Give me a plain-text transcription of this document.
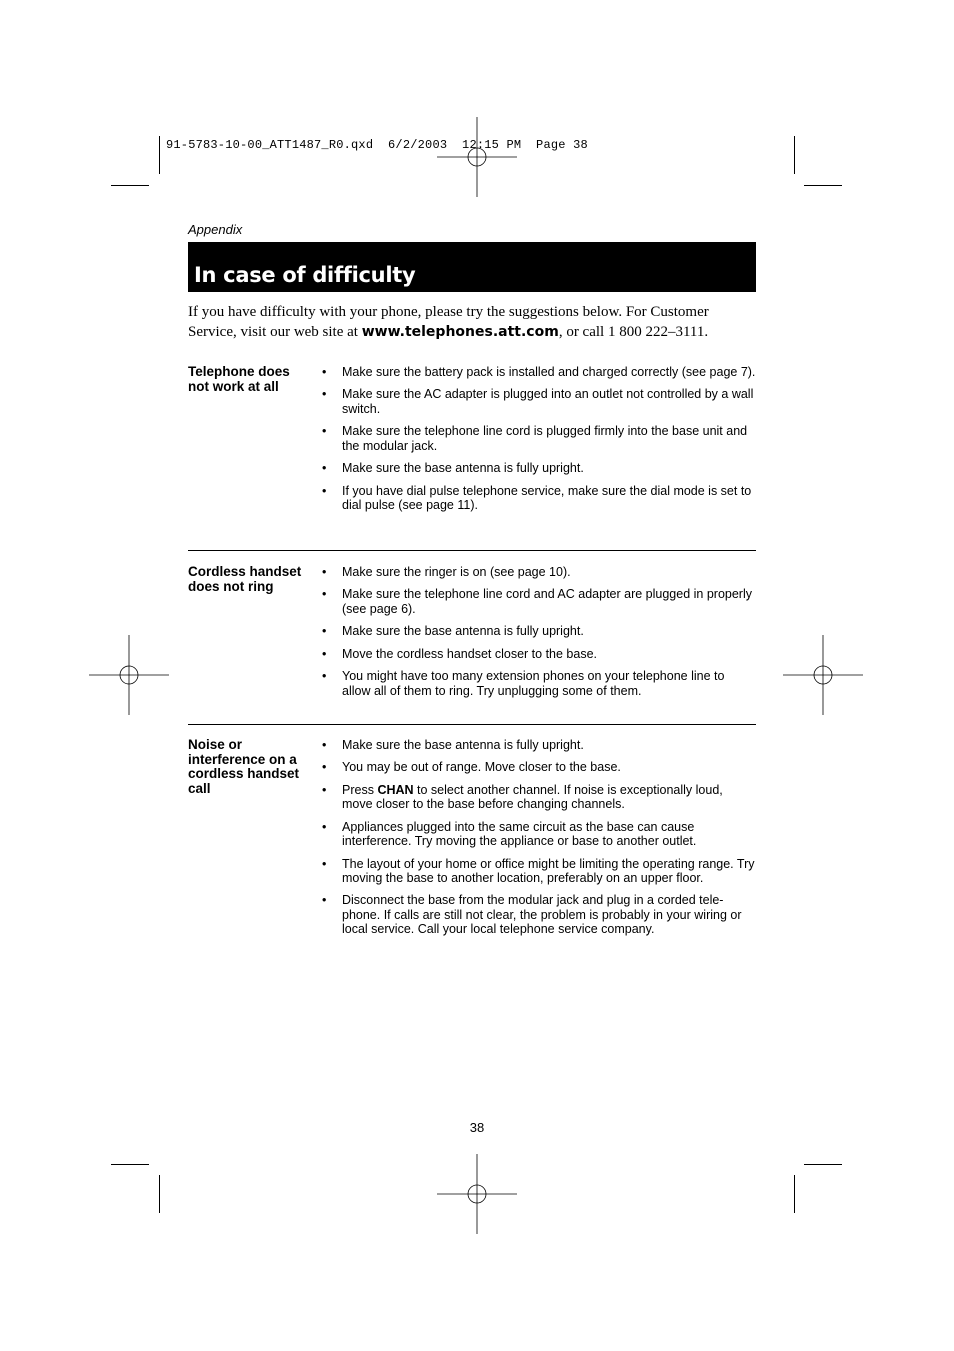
91-5783-10-00_ATT1487_R0.qxd  6/2/2003  12:15 PM  Page 38
Appendix
In case of difficulty

If you have difficulty with your phone, please try the suggestions below. For Customer Service, visit our web site at www.telephones.att.com, or call 1 800 222–3111.

Telephone does not work at all
• Make sure the battery pack is installed and charged correctly (see page 7).
• Make sure the AC adapter is plugged into an outlet not controlled by a wall switch.
• Make sure the telephone line cord is plugged firmly into the base unit and the modular jack.
• Make sure the base antenna is fully upright.
• If you have dial pulse telephone service, make sure the dial mode is set to dial pulse (see page 11).
Cordless handset does not ring
• Make sure the ringer is on (see page 10).
• Make sure the telephone line cord and AC adapter are plugged in properly (see page 6).
• Make sure the base antenna is fully upright.
• Move the cordless handset closer to the base.
• You might have too many extension phones on your telephone line to allow all of them to ring. Try unplugging some of them.
Noise or interference on a cordless handset call
• Make sure the base antenna is fully upright.
• You may be out of range. Move closer to the base.
• Press CHAN to select another channel. If noise is exceptionally loud, move closer to the base before changing channels.
• Appliances plugged into the same circuit as the base can cause interference. Try moving the appliance or base to another outlet.
• The layout of your home or office might be limiting the operating range. Try moving the base to another location, preferably on an upper floor.
• Disconnect the base from the modular jack and plug in a corded tele-phone. If calls are still not clear, the problem is probably in your wiring or local service. Call your local telephone service company.
38
